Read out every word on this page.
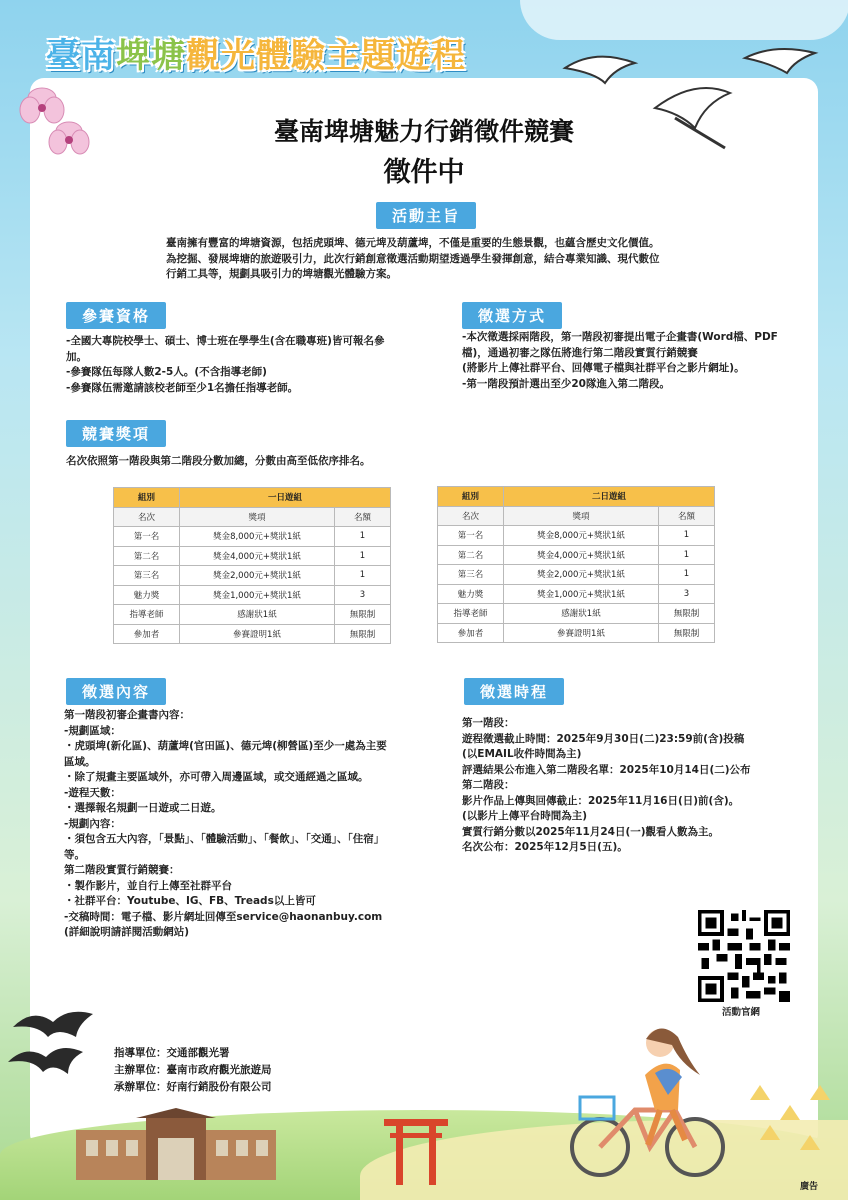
臺南埤塘觀光體驗主題遊程
臺南埤塘魅力行銷徵件競賽
徵件中
活動主旨

臺南擁有豐富的埤塘資源，包括虎頭埤、德元埤及葫蘆埤，不僅是重要的生態景觀，也蘊含歷史文化價值。

為挖掘、發展埤塘的旅遊吸引力，此次行銷創意徵選活動期望透過學生發揮創意，結合專業知識、現代數位

行銷工具等，規劃具吸引力的埤塘觀光體驗方案。

參賽資格

-全國大專院校學士、碩士、博士班在學學生(含在職專班)皆可報名參

加。

-參賽隊伍每隊人數2-5人。(不含指導老師)

-參賽隊伍需邀請該校老師至少1名擔任指導老師。

徵選方式

-本次徵選採兩階段，第一階段初審提出電子企畫書(Word檔、PDF

檔)，通過初審之隊伍將進行第二階段實質行銷競賽

(將影片上傳社群平台、回傳電子檔與社群平台之影片網址)。

-第一階段預計選出至少20隊進入第二階段。

競賽獎項
名次依照第一階段與第二階段分數加總，分數由高至低依序排名。
組別	一日遊組	
名次	獎項	名額
第一名	獎金8,000元+獎狀1紙	1
第二名	獎金4,000元+獎狀1紙	1
第三名	獎金2,000元+獎狀1紙	1
魅力獎	獎金1,000元+獎狀1紙	3
指導老師	感謝狀1紙	無限制
參加者	參賽證明1紙	無限制
組別	二日遊組	
名次	獎項	名額
第一名	獎金8,000元+獎狀1紙	1
第二名	獎金4,000元+獎狀1紙	1
第三名	獎金2,000元+獎狀1紙	1
魅力獎	獎金1,000元+獎狀1紙	3
指導老師	感謝狀1紙	無限制
參加者	參賽證明1紙	無限制
徵選內容

第一階段初審企畫書內容：

-規劃區域：

・虎頭埤(新化區)、葫蘆埤(官田區)、德元埤(柳營區)至少一處為主要

區域。

・除了規畫主要區域外，亦可帶入周邊區域，或交通經過之區域。

-遊程天數：

・選擇報名規劃一日遊或二日遊。

-規劃內容：

・須包含五大內容，「景點」、「體驗活動」、「餐飲」、「交通」、「住宿」

等。

第二階段實質行銷競賽：

・製作影片，並自行上傳至社群平台

・社群平台：Youtube、IG、FB、Treads以上皆可

-交稿時間：電子檔、影片網址回傳至service@haonanbuy.com

(詳細說明請詳閱活動網站)

徵選時程

第一階段：

遊程徵選截止時間：2025年9月30日(二)23:59前(含)投稿

(以EMAIL收件時間為主)

評選結果公布進入第二階段名單：2025年10月14日(二)公布

第二階段：

影片作品上傳與回傳截止：2025年11月16日(日)前(含)。

(以影片上傳平台時間為主)

實質行銷分數以2025年11月24日(一)觀看人數為主。

名次公布：2025年12月5日(五)。

活動官網

指導單位：交通部觀光署

主辦單位：臺南市政府觀光旅遊局

承辦單位：好南行銷股份有限公司

廣告
